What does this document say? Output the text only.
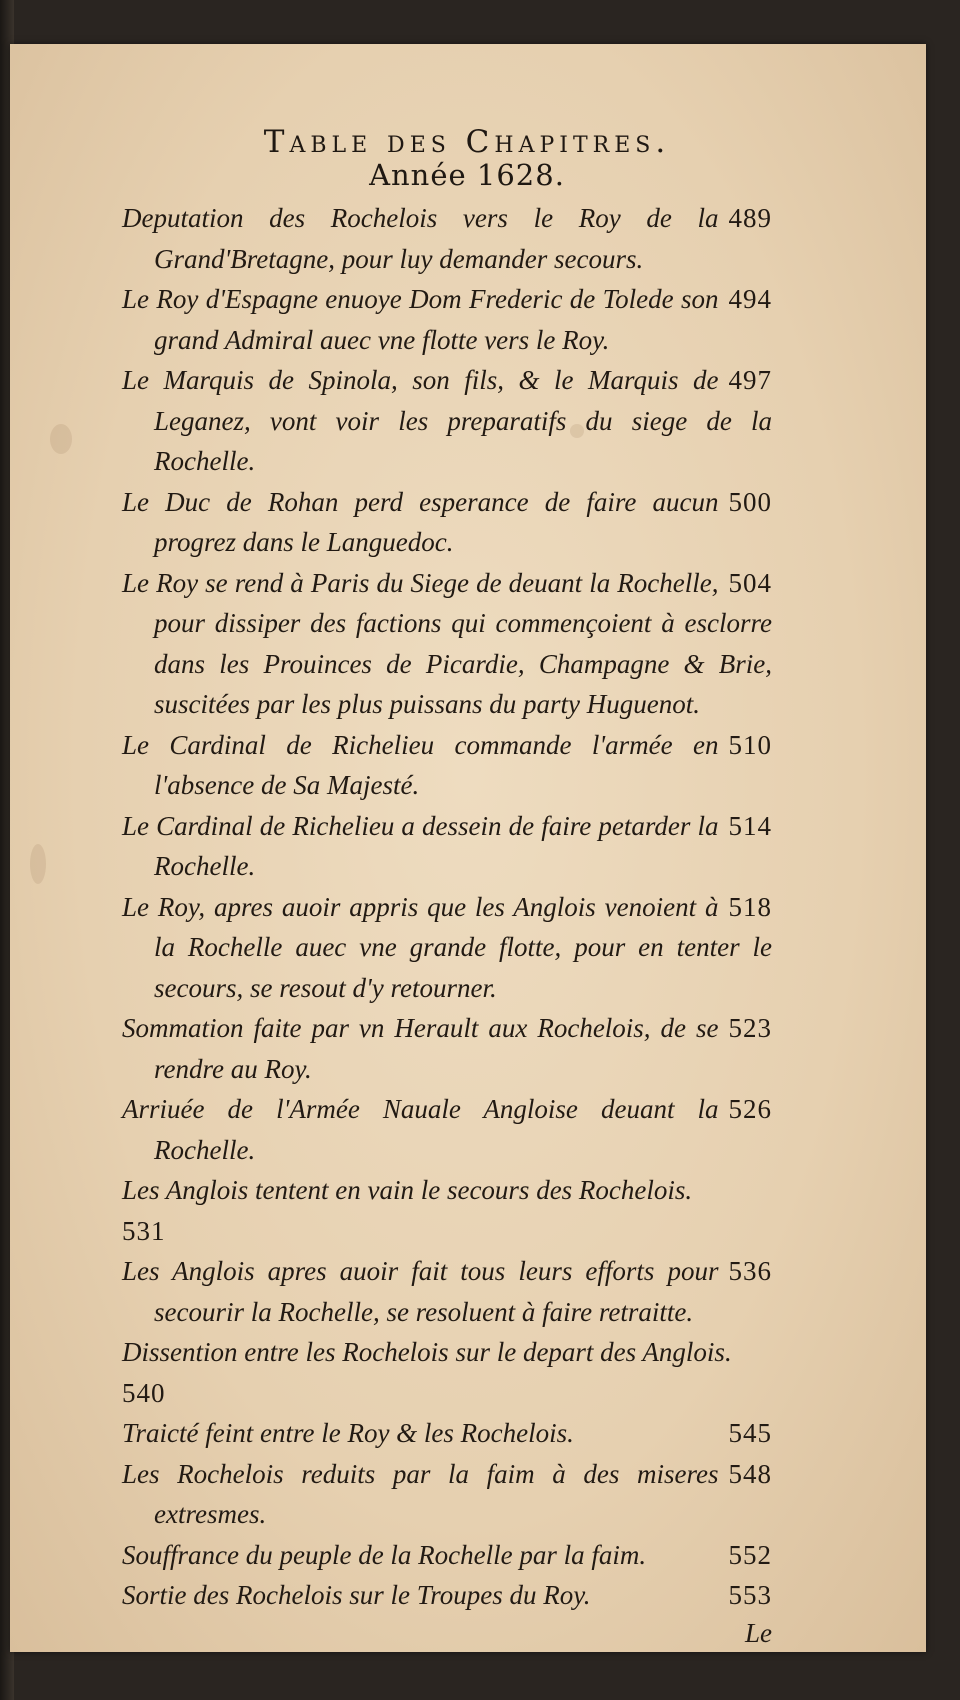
Table des Chapitres.
Année 1628.
489
Deputation des Rochelois vers le Roy de la Grand'Bretagne, pour luy demander secours.
494
Le Roy d'Espagne enuoye Dom Frederic de Tolede son grand Admiral auec vne flotte vers le Roy.
497
Le Marquis de Spinola, son fils, & le Marquis de Leganez, vont voir les preparatifs du siege de la Rochelle.
500
Le Duc de Rohan perd esperance de faire aucun progrez dans le Languedoc.
504
Le Roy se rend à Paris du Siege de deuant la Rochelle, pour dissiper des factions qui commençoient à esclorre dans les Prouinces de Picardie, Champagne & Brie, suscitées par les plus puissans du party Huguenot.
510
Le Cardinal de Richelieu commande l'armée en l'absence de Sa Majesté.
514
Le Cardinal de Richelieu a dessein de faire petarder la Rochelle.
518
Le Roy, apres auoir appris que les Anglois venoient à la Rochelle auec vne grande flotte, pour en tenter le secours, se resout d'y retourner.
523
Sommation faite par vn Herault aux Rochelois, de se rendre au Roy.
526
Arriuée de l'Armée Nauale Angloise deuant la Rochelle.
Les Anglois tentent en vain le secours des Rochelois.
531
536
Les Anglois apres auoir fait tous leurs efforts pour secourir la Rochelle, se resoluent à faire retraitte.
Dissention entre les Rochelois sur le depart des Anglois.
540
545
Traicté feint entre le Roy & les Rochelois.
548
Les Rochelois reduits par la faim à des miseres extresmes.
552
Souffrance du peuple de la Rochelle par la faim.
553
Sortie des Rochelois sur le Troupes du Roy.
Le
